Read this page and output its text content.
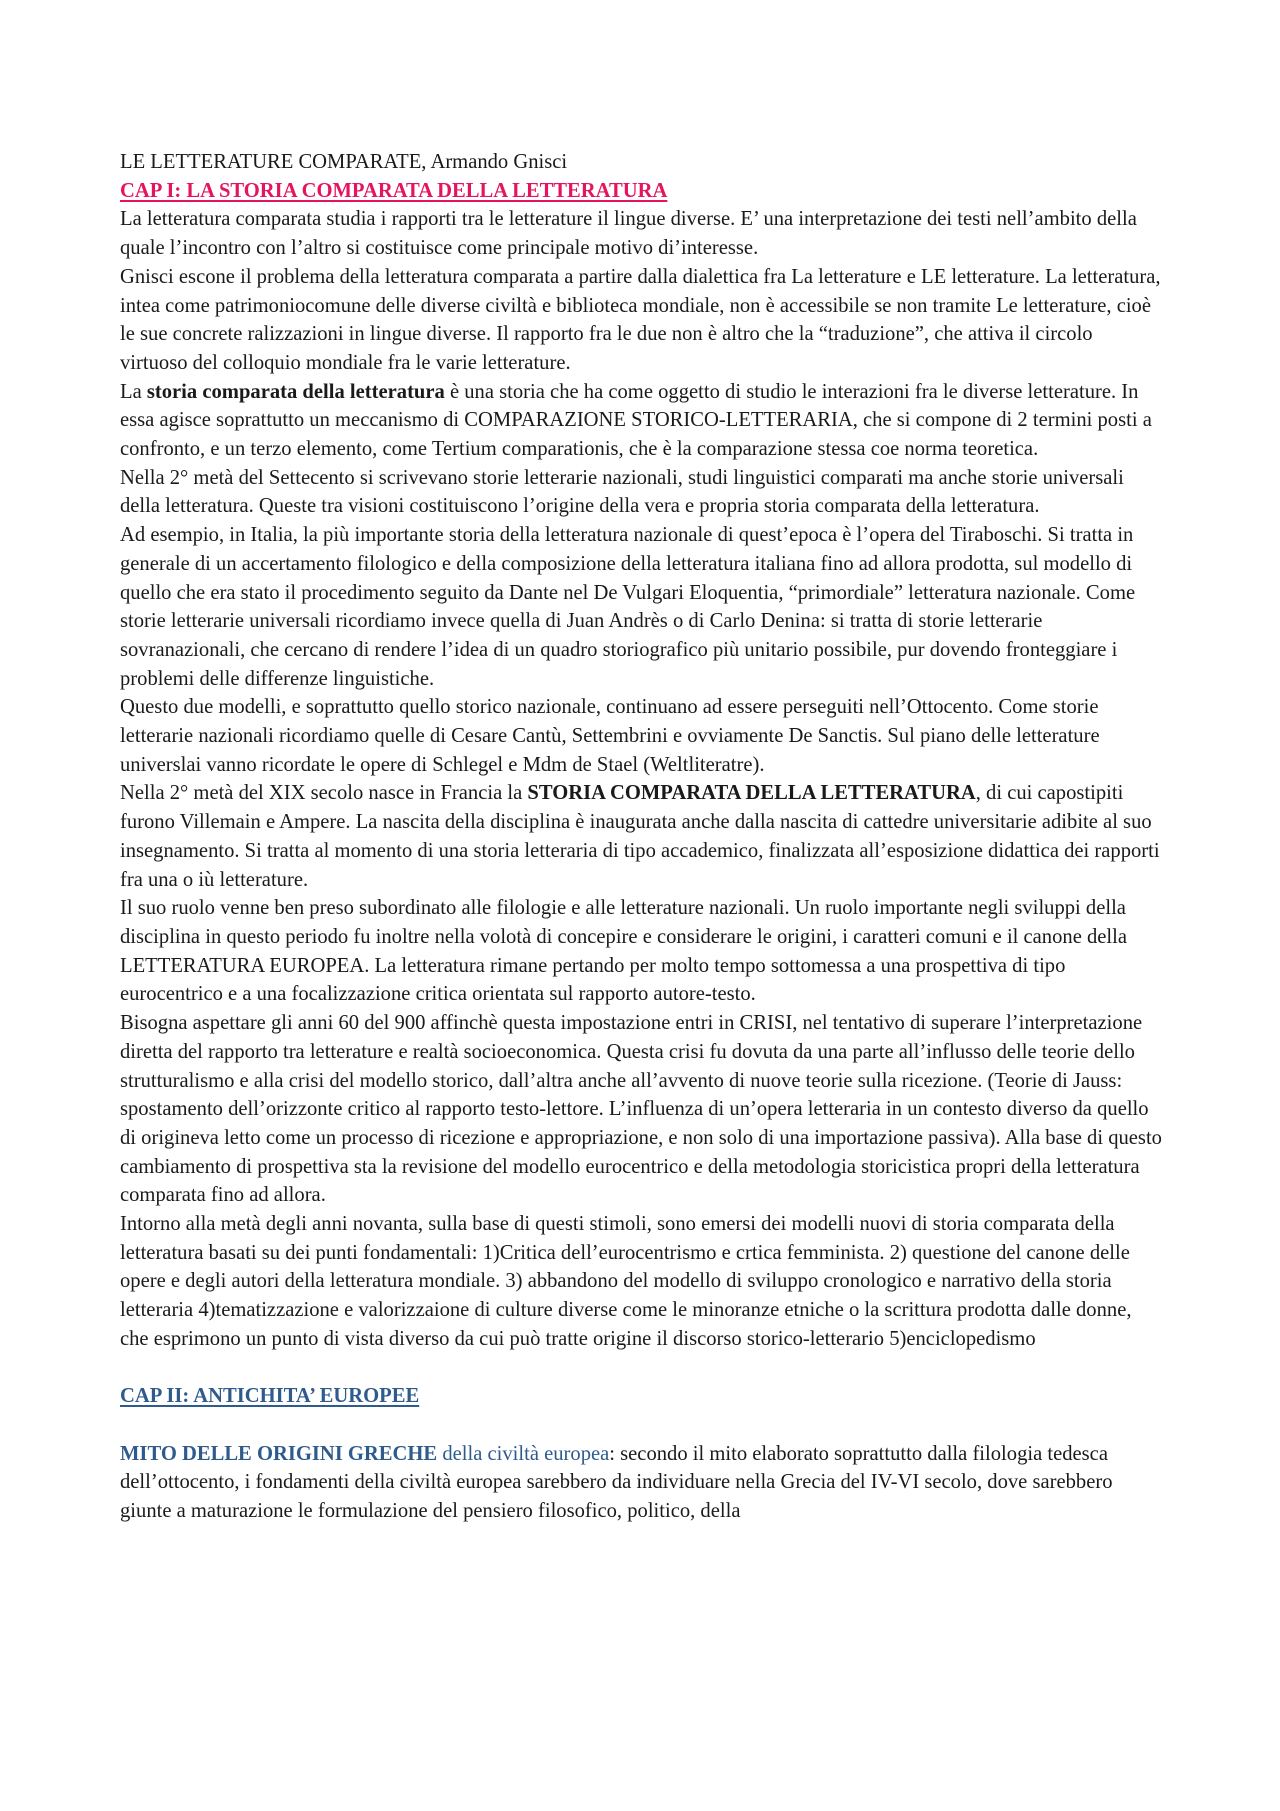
LE LETTERATURE COMPARATE, Armando Gnisci

CAP I: LA STORIA COMPARATA DELLA LETTERATURA

La letteratura comparata studia i rapporti tra le letterature il lingue diverse. E’ una interpretazione dei testi nell’ambito della quale l’incontro con l’altro si costituisce come principale motivo di’interesse.

Gnisci escone il problema della letteratura comparata a partire dalla dialettica fra La letterature e LE letterature. La letteratura, intea come patrimoniocomune delle diverse civiltà e biblioteca mondiale, non è accessibile se non tramite Le letterature, cioè le sue concrete ralizzazioni in lingue diverse. Il rapporto fra le due non è altro che la “traduzione”, che attiva il circolo virtuoso del colloquio mondiale fra le varie letterature.

La storia comparata della letteratura è una storia che ha come oggetto di studio le interazioni fra le diverse letterature. In essa agisce soprattutto un meccanismo di COMPARAZIONE STORICO-LETTERARIA, che si compone di 2 termini posti a confronto, e un terzo elemento, come Tertium comparationis, che è la comparazione stessa coe norma teoretica.

Nella 2° metà del Settecento si scrivevano storie letterarie nazionali, studi linguistici comparati ma anche storie universali della letteratura. Queste tra visioni costituiscono l’origine della vera e propria storia comparata della letteratura.

Ad esempio, in Italia, la più importante storia della letteratura nazionale di quest’epoca è l’opera del Tiraboschi. Si tratta in generale di un accertamento filologico e della composizione della letteratura italiana fino ad allora prodotta, sul modello di quello che era stato il procedimento seguito da Dante nel De Vulgari Eloquentia, “primordiale” letteratura nazionale. Come storie letterarie universali ricordiamo invece quella di Juan Andrès o di Carlo Denina: si tratta di storie letterarie sovranazionali, che cercano di rendere l’idea di un quadro storiografico più unitario possibile, pur dovendo fronteggiare i problemi delle differenze linguistiche.

Questo due modelli, e soprattutto quello storico nazionale, continuano ad essere perseguiti nell’Ottocento. Come storie letterarie nazionali ricordiamo quelle di Cesare Cantù, Settembrini e ovviamente De Sanctis. Sul piano delle letterature universlai vanno ricordate le opere di Schlegel e Mdm de Stael (Weltliteratre).

Nella 2° metà del XIX secolo nasce in Francia la STORIA COMPARATA DELLA LETTERATURA, di cui capostipiti furono Villemain e Ampere. La nascita della disciplina è inaugurata anche dalla nascita di cattedre universitarie adibite al suo insegnamento. Si tratta al momento di una storia letteraria di tipo accademico, finalizzata all’esposizione didattica dei rapporti fra una o iù letterature.

Il suo ruolo venne ben preso subordinato alle filologie e alle letterature nazionali. Un ruolo importante negli sviluppi della disciplina in questo periodo fu inoltre nella volotà di concepire e considerare le origini, i caratteri comuni e il canone della LETTERATURA EUROPEA. La letteratura rimane pertando per molto tempo sottomessa a una prospettiva di tipo eurocentrico e a una focalizzazione critica orientata sul rapporto autore-testo.

Bisogna aspettare gli anni 60 del 900 affinchè questa impostazione entri in CRISI, nel tentativo di superare l’interpretazione diretta del rapporto tra letterature e realtà socioeconomica. Questa crisi fu dovuta da una parte all’influsso delle teorie dello strutturalismo e alla crisi del modello storico, dall’altra anche all’avvento di nuove teorie sulla ricezione. (Teorie di Jauss: spostamento dell’orizzonte critico al rapporto testo-lettore. L’influenza di un’opera letteraria in un contesto diverso da quello di origineva letto come un processo di ricezione e appropriazione, e non solo di una importazione passiva). Alla base di questo cambiamento di prospettiva sta la revisione del modello eurocentrico e della metodologia storicistica propri della letteratura comparata fino ad allora.

Intorno alla metà degli anni novanta, sulla base di questi stimoli, sono emersi dei modelli nuovi di storia comparata della letteratura basati su dei punti fondamentali: 1)Critica dell’eurocentrismo e crtica femminista. 2) questione del canone delle opere e degli autori della letteratura mondiale. 3) abbandono del modello di sviluppo cronologico e narrativo della storia letteraria 4)tematizzazione e valorizzaione di culture diverse come le minoranze etniche o la scrittura prodotta dalle donne, che esprimono un punto di vista diverso da cui può tratte origine il discorso storico-letterario 5)enciclopedismo

CAP II: ANTICHITA’ EUROPEE

MITO DELLE ORIGINI GRECHE della civiltà europea: secondo il mito elaborato soprattutto dalla filologia tedesca dell’ottocento, i fondamenti della civiltà europea sarebbero da individuare nella Grecia del IV-VI secolo, dove sarebbero giunte a maturazione le formulazione del pensiero filosofico, politico, della
